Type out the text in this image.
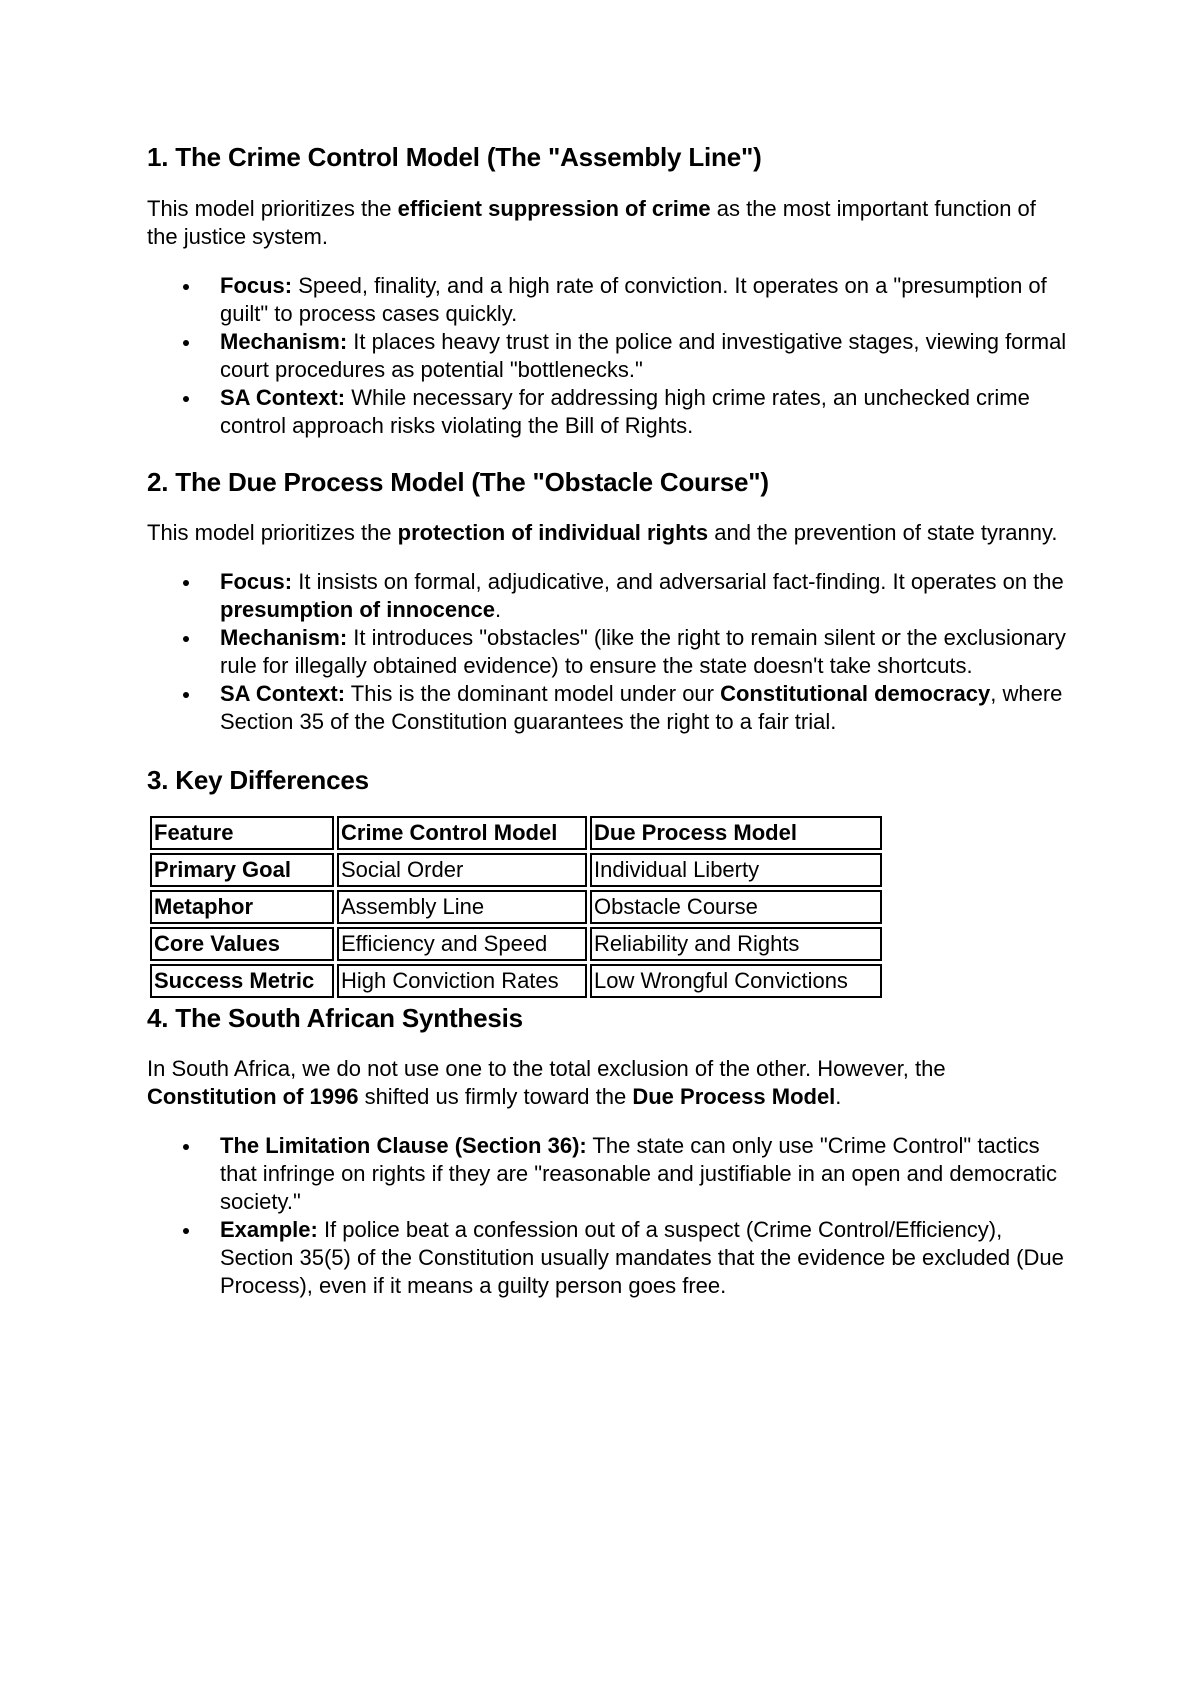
1. The Crime Control Model (The "Assembly Line")

This model prioritizes the efficient suppression of crime as the most important function of the justice system.

Focus: Speed, finality, and a high rate of conviction. It operates on a "presumption of guilt" to process cases quickly.
Mechanism: It places heavy trust in the police and investigative stages, viewing formal court procedures as potential "bottlenecks."
SA Context: While necessary for addressing high crime rates, an unchecked crime control approach risks violating the Bill of Rights.
2. The Due Process Model (The "Obstacle Course")

This model prioritizes the protection of individual rights and the prevention of state tyranny.

Focus: It insists on formal, adjudicative, and adversarial fact-finding. It operates on the presumption of innocence.
Mechanism: It introduces "obstacles" (like the right to remain silent or the exclusionary rule for illegally obtained evidence) to ensure the state doesn't take shortcuts.
SA Context: This is the dominant model under our Constitutional democracy, where Section 35 of the Constitution guarantees the right to a fair trial.
3. Key Differences
Feature	Crime Control Model	Due Process Model
Primary Goal	Social Order	Individual Liberty
Metaphor	Assembly Line	Obstacle Course
Core Values	Efficiency and Speed	Reliability and Rights
Success Metric	High Conviction Rates	Low Wrongful Convictions
4. The South African Synthesis

In South Africa, we do not use one to the total exclusion of the other. However, the Constitution of 1996 shifted us firmly toward the Due Process Model.

The Limitation Clause (Section 36): The state can only use "Crime Control" tactics that infringe on rights if they are "reasonable and justifiable in an open and democratic society."
Example: If police beat a confession out of a suspect (Crime Control/Efficiency), Section 35(5) of the Constitution usually mandates that the evidence be excluded (Due Process), even if it means a guilty person goes free.
